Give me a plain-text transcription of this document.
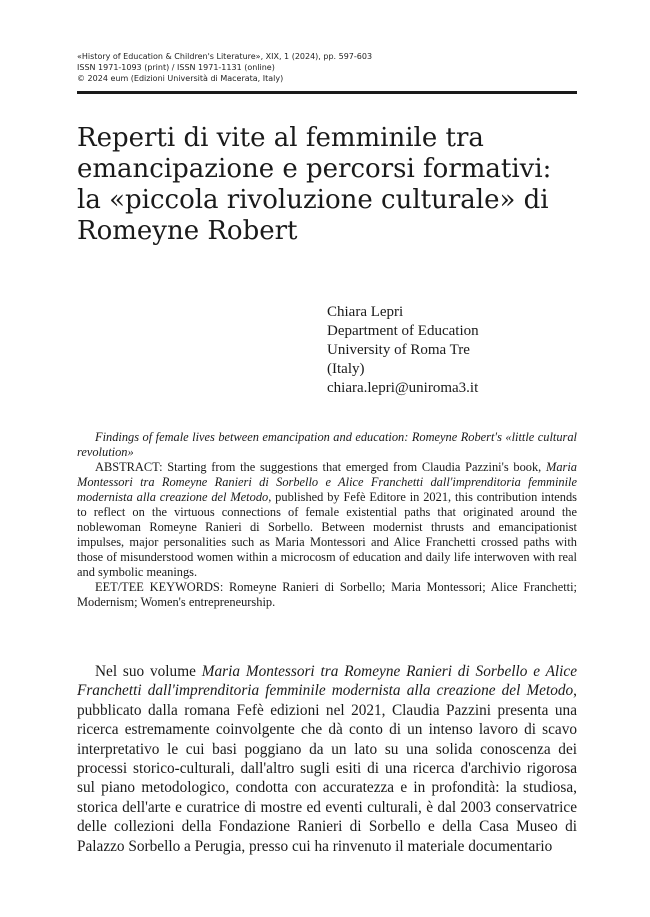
«History of Education & Children's Literature», XIX, 1 (2024), pp. 597-603
ISSN 1971-1093 (print) / ISSN 1971-1131 (online)
© 2024 eum (Edizioni Università di Macerata, Italy)
Reperti di vite al femminile tra
emancipazione e percorsi formativi:
la «piccola rivoluzione culturale» di
Romeyne Robert
Chiara Lepri
Department of Education
University of Roma Tre
(Italy)
chiara.lepri@uniroma3.it

Findings of female lives between emancipation and education: Romeyne Robert's «little cultural revolution»

ABSTRACT: Starting from the suggestions that emerged from Claudia Pazzini's book, Maria Montessori tra Romeyne Ranieri di Sorbello e Alice Franchetti dall'imprenditoria femminile modernista alla creazione del Metodo, published by Fefè Editore in 2021, this contribution intends to reflect on the virtuous connections of female existential paths that originated around the noblewoman Romeyne Ranieri di Sorbello. Between modernist thrusts and emancipationist impulses, major personalities such as Maria Montessori and Alice Franchetti crossed paths with those of misunderstood women within a microcosm of education and daily life interwoven with real and symbolic meanings.

EET/TEE KEYWORDS: Romeyne Ranieri di Sorbello; Maria Montessori; Alice Franchetti; Modernism; Women's entrepreneurship.

Nel suo volume Maria Montessori tra Romeyne Ranieri di Sorbello e Alice Franchetti dall'imprenditoria femminile modernista alla creazione del Metodo, pubblicato dalla romana Fefè edizioni nel 2021, Claudia Pazzini presenta una ricerca estremamente coinvolgente che dà conto di un intenso lavoro di scavo interpretativo le cui basi poggiano da un lato su una solida conoscenza dei processi storico-culturali, dall'altro sugli esiti di una ricerca d'archivio rigorosa sul piano metodologico, condotta con accuratezza e in profondità: la studiosa, storica dell'arte e curatrice di mostre ed eventi culturali, è dal 2003 conservatrice delle collezioni della Fondazione Ranieri di Sorbello e della Casa Museo di Palazzo Sorbello a Perugia, presso cui ha rinvenuto il materiale documentario
